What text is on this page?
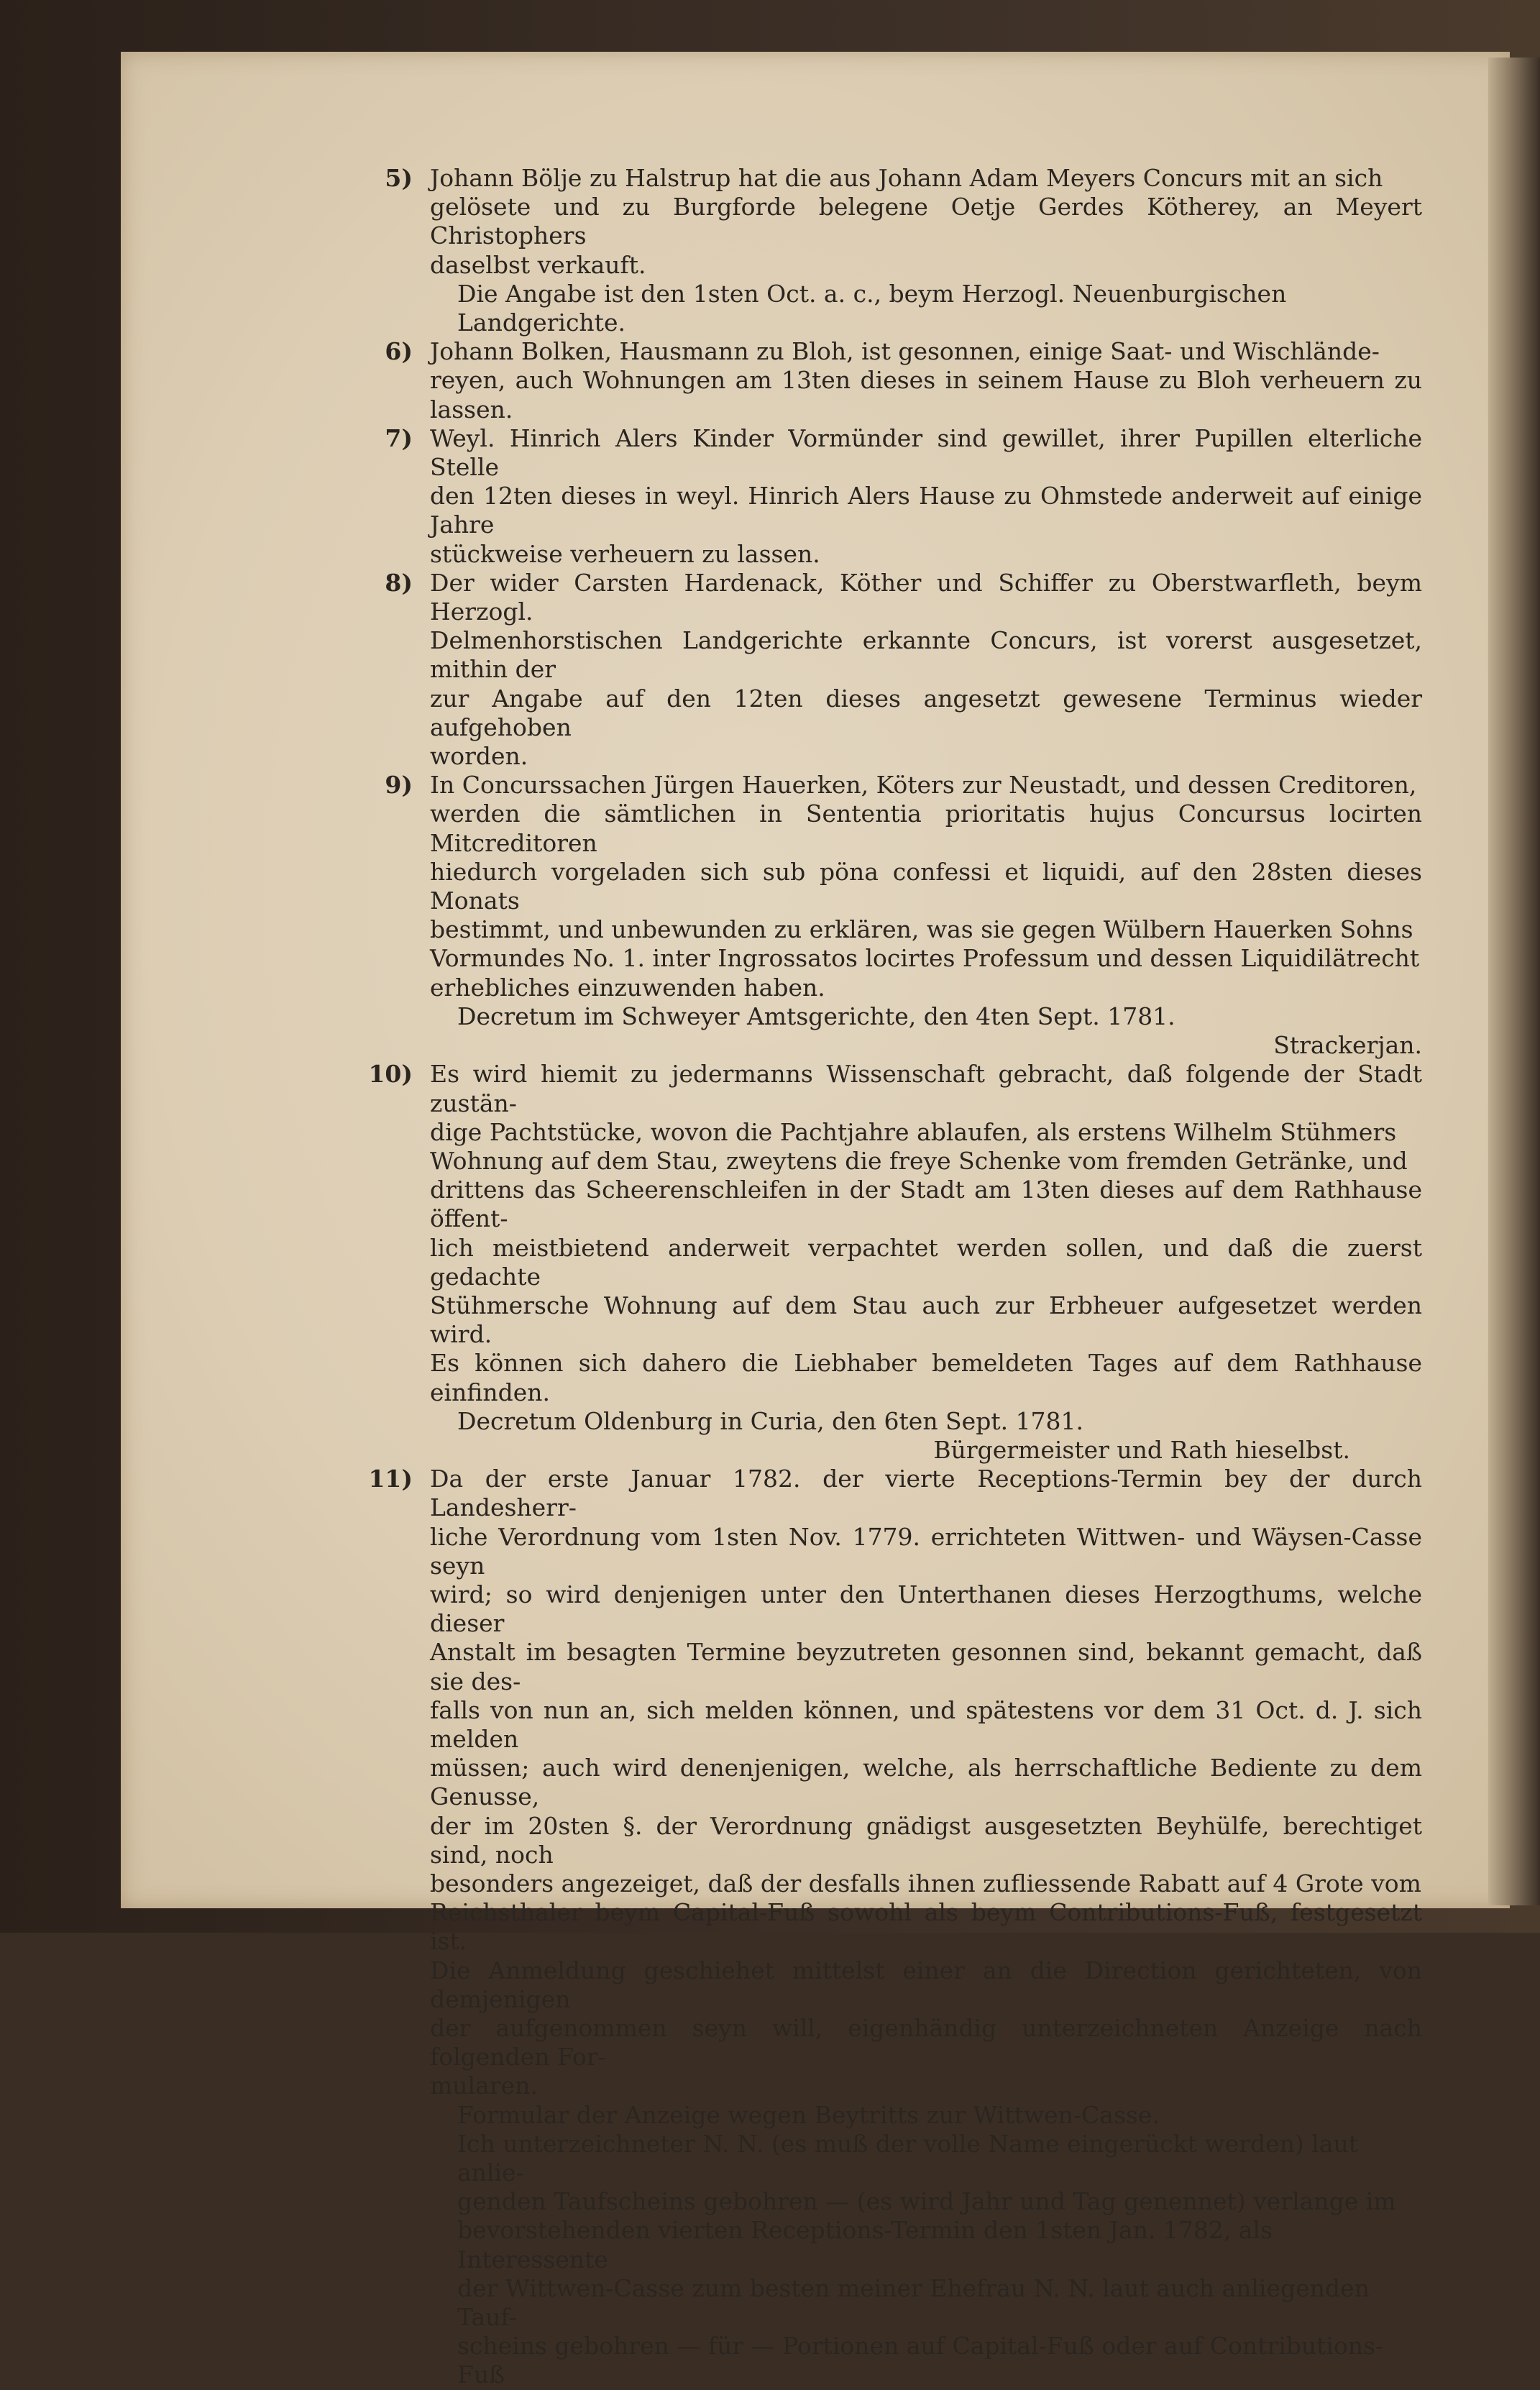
5) Johann Bölje zu Halstrup hat die aus Johann Adam Meyers Concurs mit an sich

gelösete und zu Burgforde belegene Oetje Gerdes Kötherey, an Meyert Christophers

daselbst verkauft.

Die Angabe ist den 1sten Oct. a. c., beym Herzogl. Neuenburgischen Landgerichte.

6) Johann Bolken, Hausmann zu Bloh, ist gesonnen, einige Saat- und Wischlände-

reyen, auch Wohnungen am 13ten dieses in seinem Hause zu Bloh verheuern zu lassen.

7) Weyl. Hinrich Alers Kinder Vormünder sind gewillet, ihrer Pupillen elterliche Stelle

den 12ten dieses in weyl. Hinrich Alers Hause zu Ohmstede anderweit auf einige Jahre

stückweise verheuern zu lassen.

8) Der wider Carsten Hardenack, Köther und Schiffer zu Oberstwarfleth, beym Herzogl.

Delmenhorstischen Landgerichte erkannte Concurs, ist vorerst ausgesetzet, mithin der

zur Angabe auf den 12ten dieses angesetzt gewesene Terminus wieder aufgehoben

worden.

9) In Concurssachen Jürgen Hauerken, Köters zur Neustadt, und dessen Creditoren,

werden die sämtlichen in Sententia prioritatis hujus Concursus locirten Mitcreditoren

hiedurch vorgeladen sich sub pöna confessi et liquidi, auf den 28sten dieses Monats

bestimmt, und unbewunden zu erklären, was sie gegen Wülbern Hauerken Sohns

Vormundes No. 1. inter Ingrossatos locirtes Professum und dessen Liquidilätrecht

erhebliches einzuwenden haben.

Decretum im Schweyer Amtsgerichte, den 4ten Sept. 1781.

Strackerjan.

10) Es wird hiemit zu jedermanns Wissenschaft gebracht, daß folgende der Stadt zustän-

dige Pachtstücke, wovon die Pachtjahre ablaufen, als erstens Wilhelm Stühmers

Wohnung auf dem Stau, zweytens die freye Schenke vom fremden Getränke, und

drittens das Scheerenschleifen in der Stadt am 13ten dieses auf dem Rathhause öffent-

lich meistbietend anderweit verpachtet werden sollen, und daß die zuerst gedachte

Stühmersche Wohnung auf dem Stau auch zur Erbheuer aufgesetzet werden wird.

Es können sich dahero die Liebhaber bemeldeten Tages auf dem Rathhause einfinden.

Decretum Oldenburg in Curia, den 6ten Sept. 1781.

Bürgermeister und Rath hieselbst.

11) Da der erste Januar 1782. der vierte Receptions-Termin bey der durch Landesherr-

liche Verordnung vom 1sten Nov. 1779. errichteten Wittwen- und Wäysen-Casse seyn

wird; so wird denjenigen unter den Unterthanen dieses Herzogthums, welche dieser

Anstalt im besagten Termine beyzutreten gesonnen sind, bekannt gemacht, daß sie des-

falls von nun an, sich melden können, und spätestens vor dem 31 Oct. d. J. sich melden

müssen; auch wird denenjenigen, welche, als herrschaftliche Bediente zu dem Genusse,

der im 20sten §. der Verordnung gnädigst ausgesetzten Beyhülfe, berechtiget sind, noch

besonders angezeiget, daß der desfalls ihnen zufliessende Rabatt auf 4 Grote vom

Reichsthaler beym Capital-Fuß sowohl als beym Contributions-Fuß, festgesetzt ist.

Die Anmeldung geschiehet mittelst einer an die Direction gerichteten, von demjenigen

der aufgenommen seyn will, eigenhändig unterzeichneten Anzeige nach folgenden For-

mularen.

Formular der Anzeige wegen Beytritts zur Wittwen-Casse.

Ich unterzeichneter N. N. (es muß der volle Name eingerückt werden) laut anlie-

genden Taufscheins gebohren — (es wird Jahr und Tag genennet) verlange im

bevorstehenden vierten Receptions-Termin den 1sten Jan. 1782, als Interessente

der Wittwen-Casse zum besten meiner Ehefrau N. N. laut auch anliegenden Tauf-

scheins gebohren — für — Portionen auf Capital-Fuß oder auf Contributions-Fuß
